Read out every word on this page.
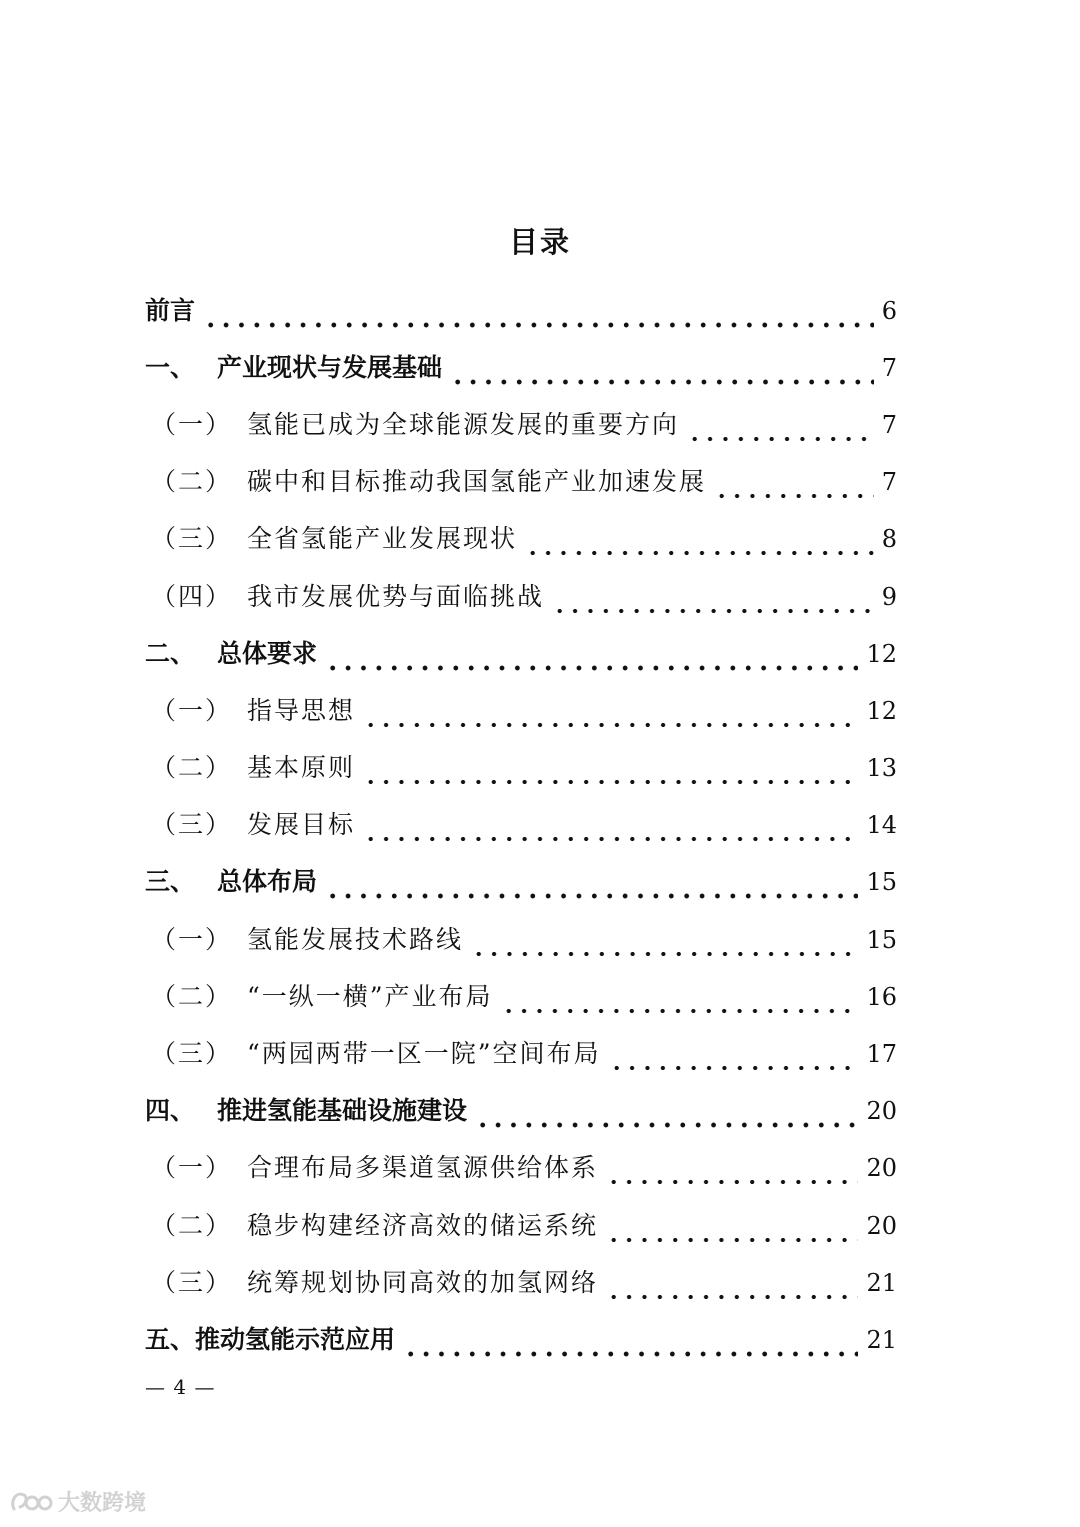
目录
前言	6
一、 产业现状与发展基础	7
（一） 氢能已成为全球能源发展的重要方向	7
（二） 碳中和目标推动我国氢能产业加速发展	7
（三） 全省氢能产业发展现状	8
（四） 我市发展优势与面临挑战	9
二、 总体要求	12
（一） 指导思想	12
（二） 基本原则	13
（三） 发展目标	14
三、 总体布局	15
（一） 氢能发展技术路线	15
（二） “一纵一横”产业布局	16
（三） “两园两带一区一院”空间布局	17
四、 推进氢能基础设施建设	20
（一） 合理布局多渠道氢源供给体系	20
（二） 稳步构建经济高效的储运系统	20
（三） 统筹规划协同高效的加氢网络	21
五、 推动氢能示范应用	21
— 4 —
大数跨境
